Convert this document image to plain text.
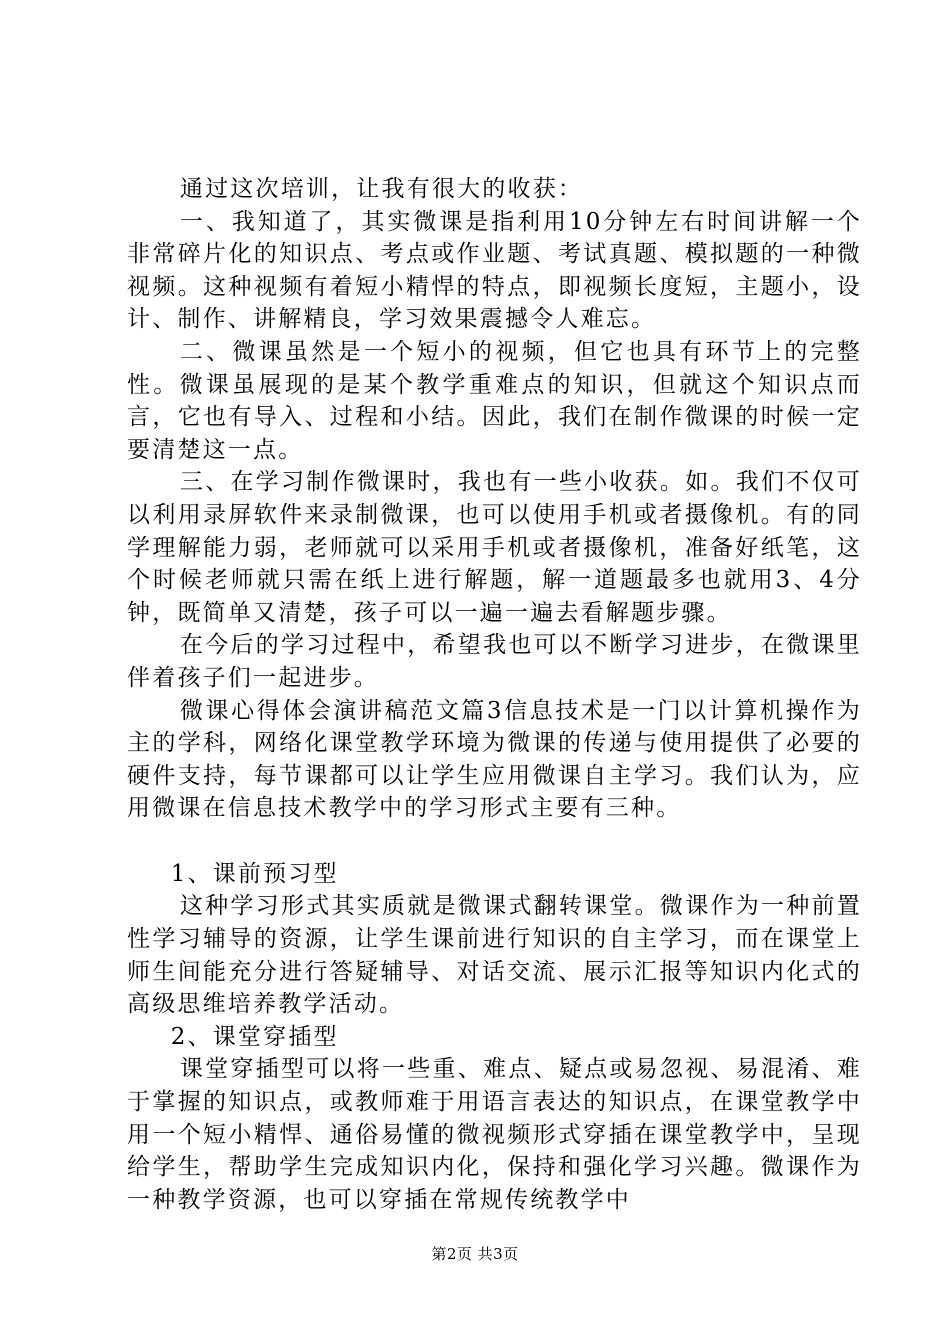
通过这次培训，让我有很大的收获：

一、我知道了，其实微课是指利用10分钟左右时间讲解一个非常碎片化的知识点、考点或作业题、考试真题、模拟题的一种微视频。这种视频有着短小精悍的特点，即视频长度短，主题小，设计、制作、讲解精良，学习效果震撼令人难忘。

二、微课虽然是一个短小的视频，但它也具有环节上的完整性。微课虽展现的是某个教学重难点的知识，但就这个知识点而言，它也有导入、过程和小结。因此，我们在制作微课的时候一定要清楚这一点。

三、在学习制作微课时，我也有一些小收获。如。我们不仅可以利用录屏软件来录制微课，也可以使用手机或者摄像机。有的同学理解能力弱，老师就可以采用手机或者摄像机，准备好纸笔，这个时候老师就只需在纸上进行解题，解一道题最多也就用3、4分钟，既简单又清楚，孩子可以一遍一遍去看解题步骤。

在今后的学习过程中，希望我也可以不断学习进步，在微课里伴着孩子们一起进步。

微课心得体会演讲稿范文篇3信息技术是一门以计算机操作为主的学科，网络化课堂教学环境为微课的传递与使用提供了必要的硬件支持，每节课都可以让学生应用微课自主学习。我们认为，应用微课在信息技术教学中的学习形式主要有三种。

1、课前预习型

这种学习形式其实质就是微课式翻转课堂。微课作为一种前置性学习辅导的资源，让学生课前进行知识的自主学习，而在课堂上师生间能充分进行答疑辅导、对话交流、展示汇报等知识内化式的高级思维培养教学活动。

2、课堂穿插型

课堂穿插型可以将一些重、难点、疑点或易忽视、易混淆、难于掌握的知识点，或教师难于用语言表达的知识点，在课堂教学中用一个短小精悍、通俗易懂的微视频形式穿插在课堂教学中，呈现给学生，帮助学生完成知识内化，保持和强化学习兴趣。微课作为一种教学资源，也可以穿插在常规传统教学中

第2页 共3页
